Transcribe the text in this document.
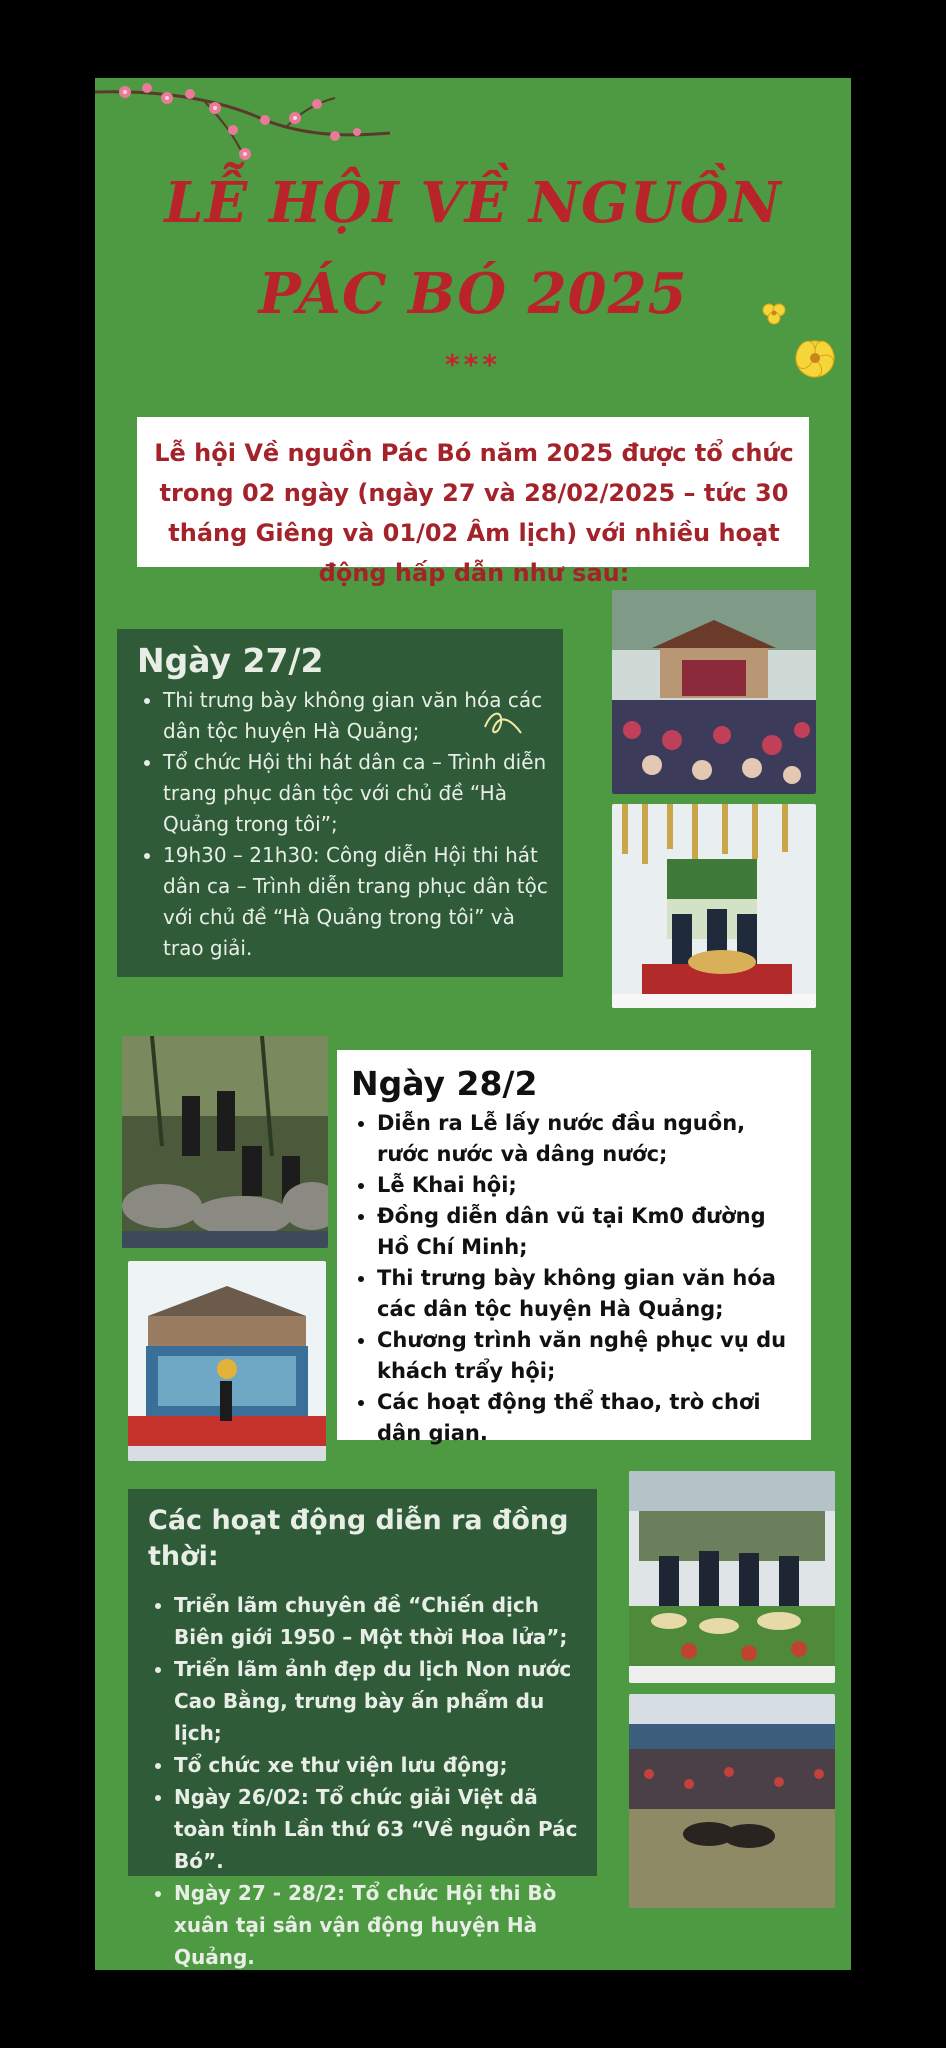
LỄ HỘI VỀ NGUỒN
PÁC BÓ 2025
***
Lễ hội Về nguồn Pác Bó năm 2025 được tổ chức trong 02 ngày (ngày 27 và 28/02/2025 – tức 30 tháng Giêng và 01/02 Âm lịch) với nhiều hoạt động hấp dẫn như sau:
Ngày 27/2
• Thi trưng bày không gian văn hóa các dân tộc huyện Hà Quảng;
• Tổ chức Hội thi hát dân ca – Trình diễn trang phục dân tộc với chủ đề “Hà Quảng trong tôi”;
• 19h30 – 21h30: Công diễn Hội thi hát dân ca – Trình diễn trang phục dân tộc với chủ đề “Hà Quảng trong tôi” và trao giải.
Ngày 28/2
• Diễn ra Lễ lấy nước đầu nguồn, rước nước và dâng nước;
• Lễ Khai hội;
• Đồng diễn dân vũ tại Km0 đường Hồ Chí Minh;
• Thi trưng bày không gian văn hóa các dân tộc huyện Hà Quảng;
• Chương trình văn nghệ phục vụ du khách trẩy hội;
• Các hoạt động thể thao, trò chơi dân gian.
Các hoạt động diễn ra đồng thời:
• Triển lãm chuyên đề “Chiến dịch Biên giới 1950 – Một thời Hoa lửa”;
• Triển lãm ảnh đẹp du lịch Non nước Cao Bằng, trưng bày ấn phẩm du lịch;
• Tổ chức xe thư viện lưu động;
• Ngày 26/02: Tổ chức giải Việt dã toàn tỉnh Lần thứ 63 “Về nguồn Pác Bó”.
• Ngày 27 - 28/2: Tổ chức Hội thi Bò xuân tại sân vận động huyện Hà Quảng.
